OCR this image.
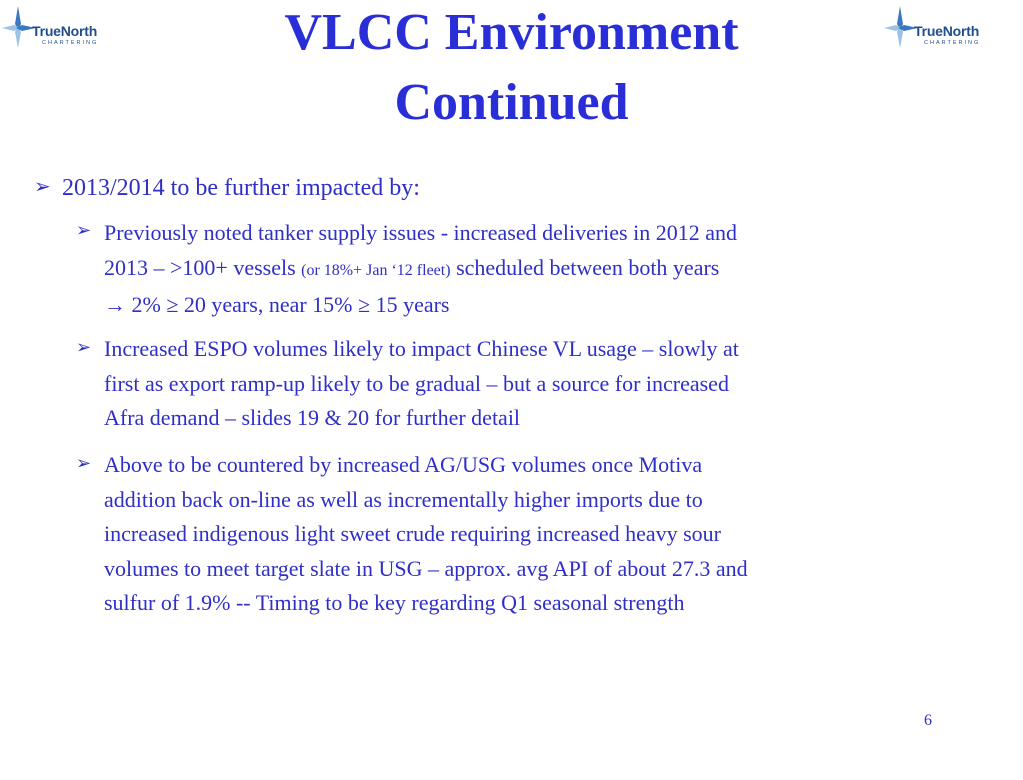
TrueNorth
CHARTERING
TrueNorth
CHARTERING
VLCC Environment
Continued
➢ 2013/2014 to be further impacted by:
➢ Previously noted tanker supply issues - increased deliveries in 2012 and
2013 – >100+ vessels (or 18%+ Jan ‘12 fleet) scheduled between both years
→ 2% ≥ 20 years, near 15% ≥ 15 years
➢ Increased ESPO volumes likely to impact Chinese VL usage – slowly at
first as export ramp-up likely to be gradual – but a source for increased
Afra demand – slides 19 & 20 for further detail
➢ Above to be countered by increased AG/USG volumes once Motiva
addition back on-line as well as incrementally higher imports due to
increased indigenous light sweet crude requiring increased heavy sour
volumes to meet target slate in USG – approx. avg API of about 27.3 and
sulfur of 1.9% -- Timing to be key regarding Q1 seasonal strength
6
